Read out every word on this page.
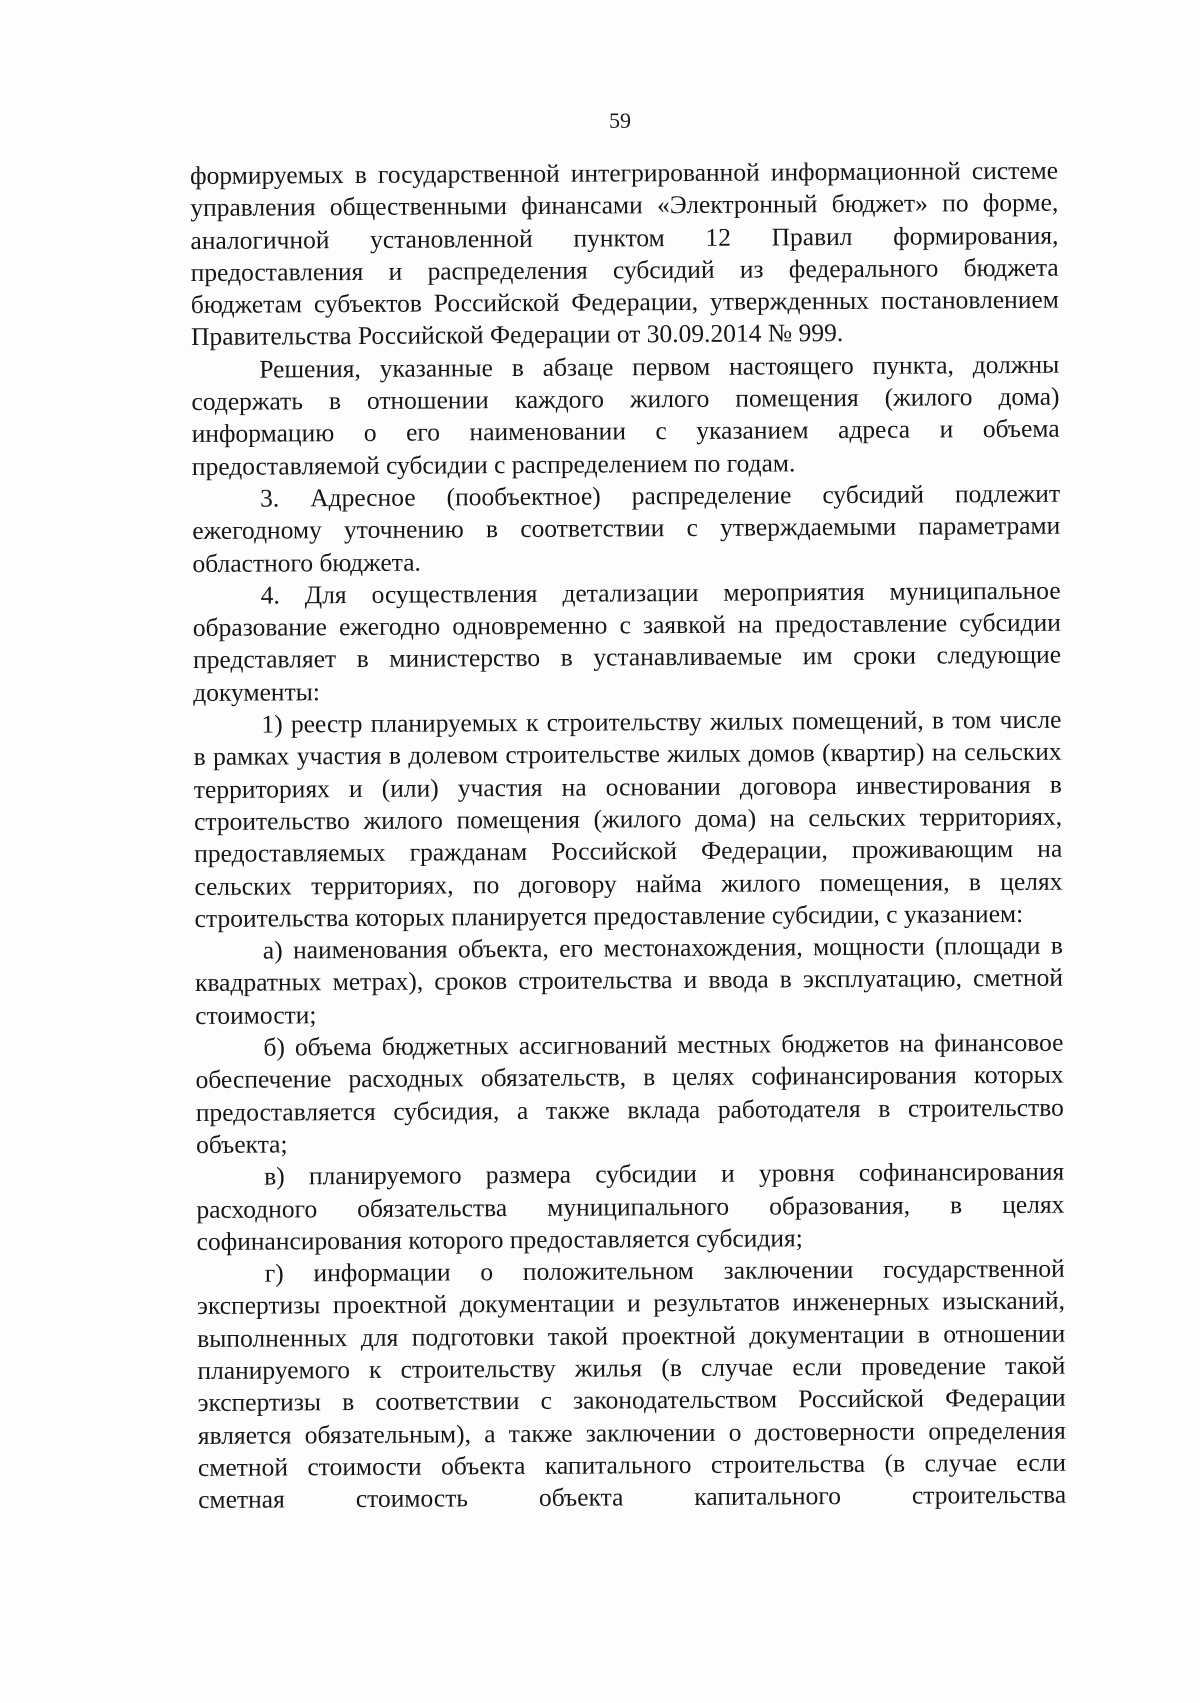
59

формируемых в государственной интегрированной информационной системе управления общественными финансами «Электронный бюджет» по форме, аналогичной установленной пунктом 12 Правил формирования, предоставления и распределения субсидий из федерального бюджета бюджетам субъектов Российской Федерации, утвержденных постановлением Правительства Российской Федерации от 30.09.2014 № 999.

Решения, указанные в абзаце первом настоящего пункта, должны содержать в отношении каждого жилого помещения (жилого дома) информацию о его наименовании с указанием адреса и объема предоставляемой субсидии с распределением по годам.

3. Адресное (пообъектное) распределение субсидий подлежит ежегодному уточнению в соответствии с утверждаемыми параметрами областного бюджета.

4. Для осуществления детализации мероприятия муниципальное образование ежегодно одновременно с заявкой на предоставление субсидии представляет в министерство в устанавливаемые им сроки следующие документы:

1) реестр планируемых к строительству жилых помещений, в том числе в рамках участия в долевом строительстве жилых домов (квартир) на сельских территориях и (или) участия на основании договора инвестирования в строительство жилого помещения (жилого дома) на сельских территориях, предоставляемых гражданам Российской Федерации, проживающим на сельских территориях, по договору найма жилого помещения, в целях строительства которых планируется предоставление субсидии, с указанием:

а) наименования объекта, его местонахождения, мощности (площади в квадратных метрах), сроков строительства и ввода в эксплуатацию, сметной стоимости;

б) объема бюджетных ассигнований местных бюджетов на финансовое обеспечение расходных обязательств, в целях софинансирования которых предоставляется субсидия, а также вклада работодателя в строительство объекта;

в) планируемого размера субсидии и уровня софинансирования расходного обязательства муниципального образования, в целях софинансирования которого предоставляется субсидия;

г) информации о положительном заключении государственной экспертизы проектной документации и результатов инженерных изысканий, выполненных для подготовки такой проектной документации в отношении планируемого к строительству жилья (в случае если проведение такой экспертизы в соответствии с законодательством Российской Федерации является обязательным), а также заключении о достоверности определения сметной стоимости объекта капитального строительства (в случае если сметная стоимость объекта капитального строительства
